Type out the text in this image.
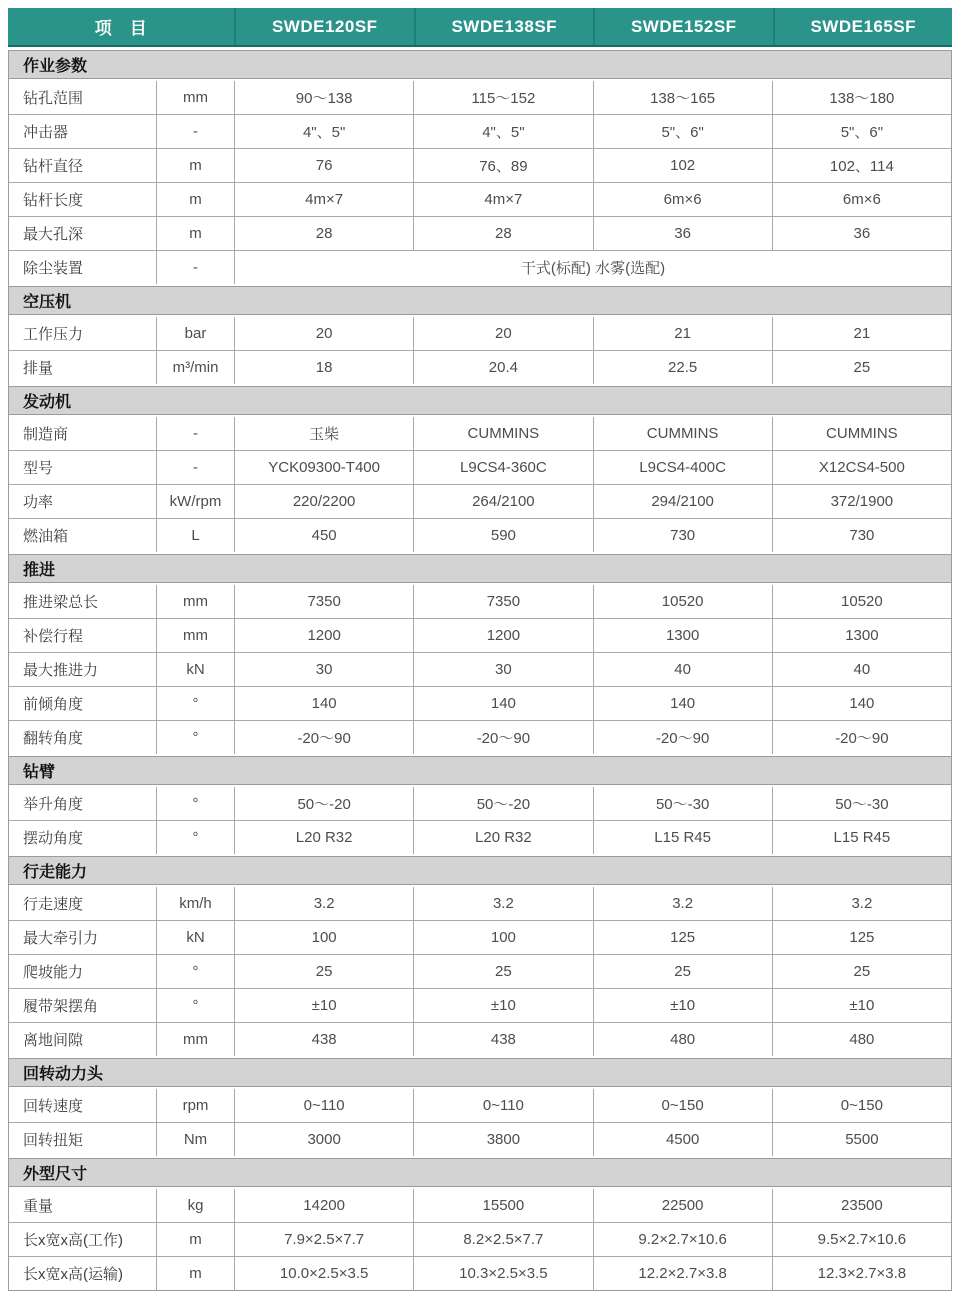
项　目	SWDE120SF	SWDE138SF	SWDE152SF	SWDE165SF
作业参数
钻孔范围	mm	90～138	115～152	138～165	138～180
冲击器	-	4"、5"	4"、5"	5"、6"	5"、6"
钻杆直径	m	76	76、89	102	102、114
钻杆长度	m	4m×7	4m×7	6m×6	6m×6
最大孔深	m	28	28	36	36
除尘装置	-	干式(标配) 水雾(选配)
空压机
工作压力	bar	20	20	21	21
排量	m³/min	18	20.4	22.5	25
发动机
制造商	-	玉柴	CUMMINS	CUMMINS	CUMMINS
型号	-	YCK09300-T400	L9CS4-360C	L9CS4-400C	X12CS4-500
功率	kW/rpm	220/2200	264/2100	294/2100	372/1900
燃油箱	L	450	590	730	730
推进
推进梁总长	mm	7350	7350	10520	10520
补偿行程	mm	1200	1200	1300	1300
最大推进力	kN	30	30	40	40
前倾角度	°	140	140	140	140
翻转角度	°	-20～90	-20～90	-20～90	-20～90
钻臂
举升角度	°	50～-20	50～-20	50～-30	50～-30
摆动角度	°	L20 R32	L20 R32	L15 R45	L15 R45
行走能力
行走速度	km/h	3.2	3.2	3.2	3.2
最大牵引力	kN	100	100	125	125
爬坡能力	°	25	25	25	25
履带架摆角	°	±10	±10	±10	±10
离地间隙	mm	438	438	480	480
回转动力头
回转速度	rpm	0~110	0~110	0~150	0~150
回转扭矩	Nm	3000	3800	4500	5500
外型尺寸
重量	kg	14200	15500	22500	23500
长x宽x高(工作)	m	7.9×2.5×7.7	8.2×2.5×7.7	9.2×2.7×10.6	9.5×2.7×10.6
长x宽x高(运输)	m	10.0×2.5×3.5	10.3×2.5×3.5	12.2×2.7×3.8	12.3×2.7×3.8
